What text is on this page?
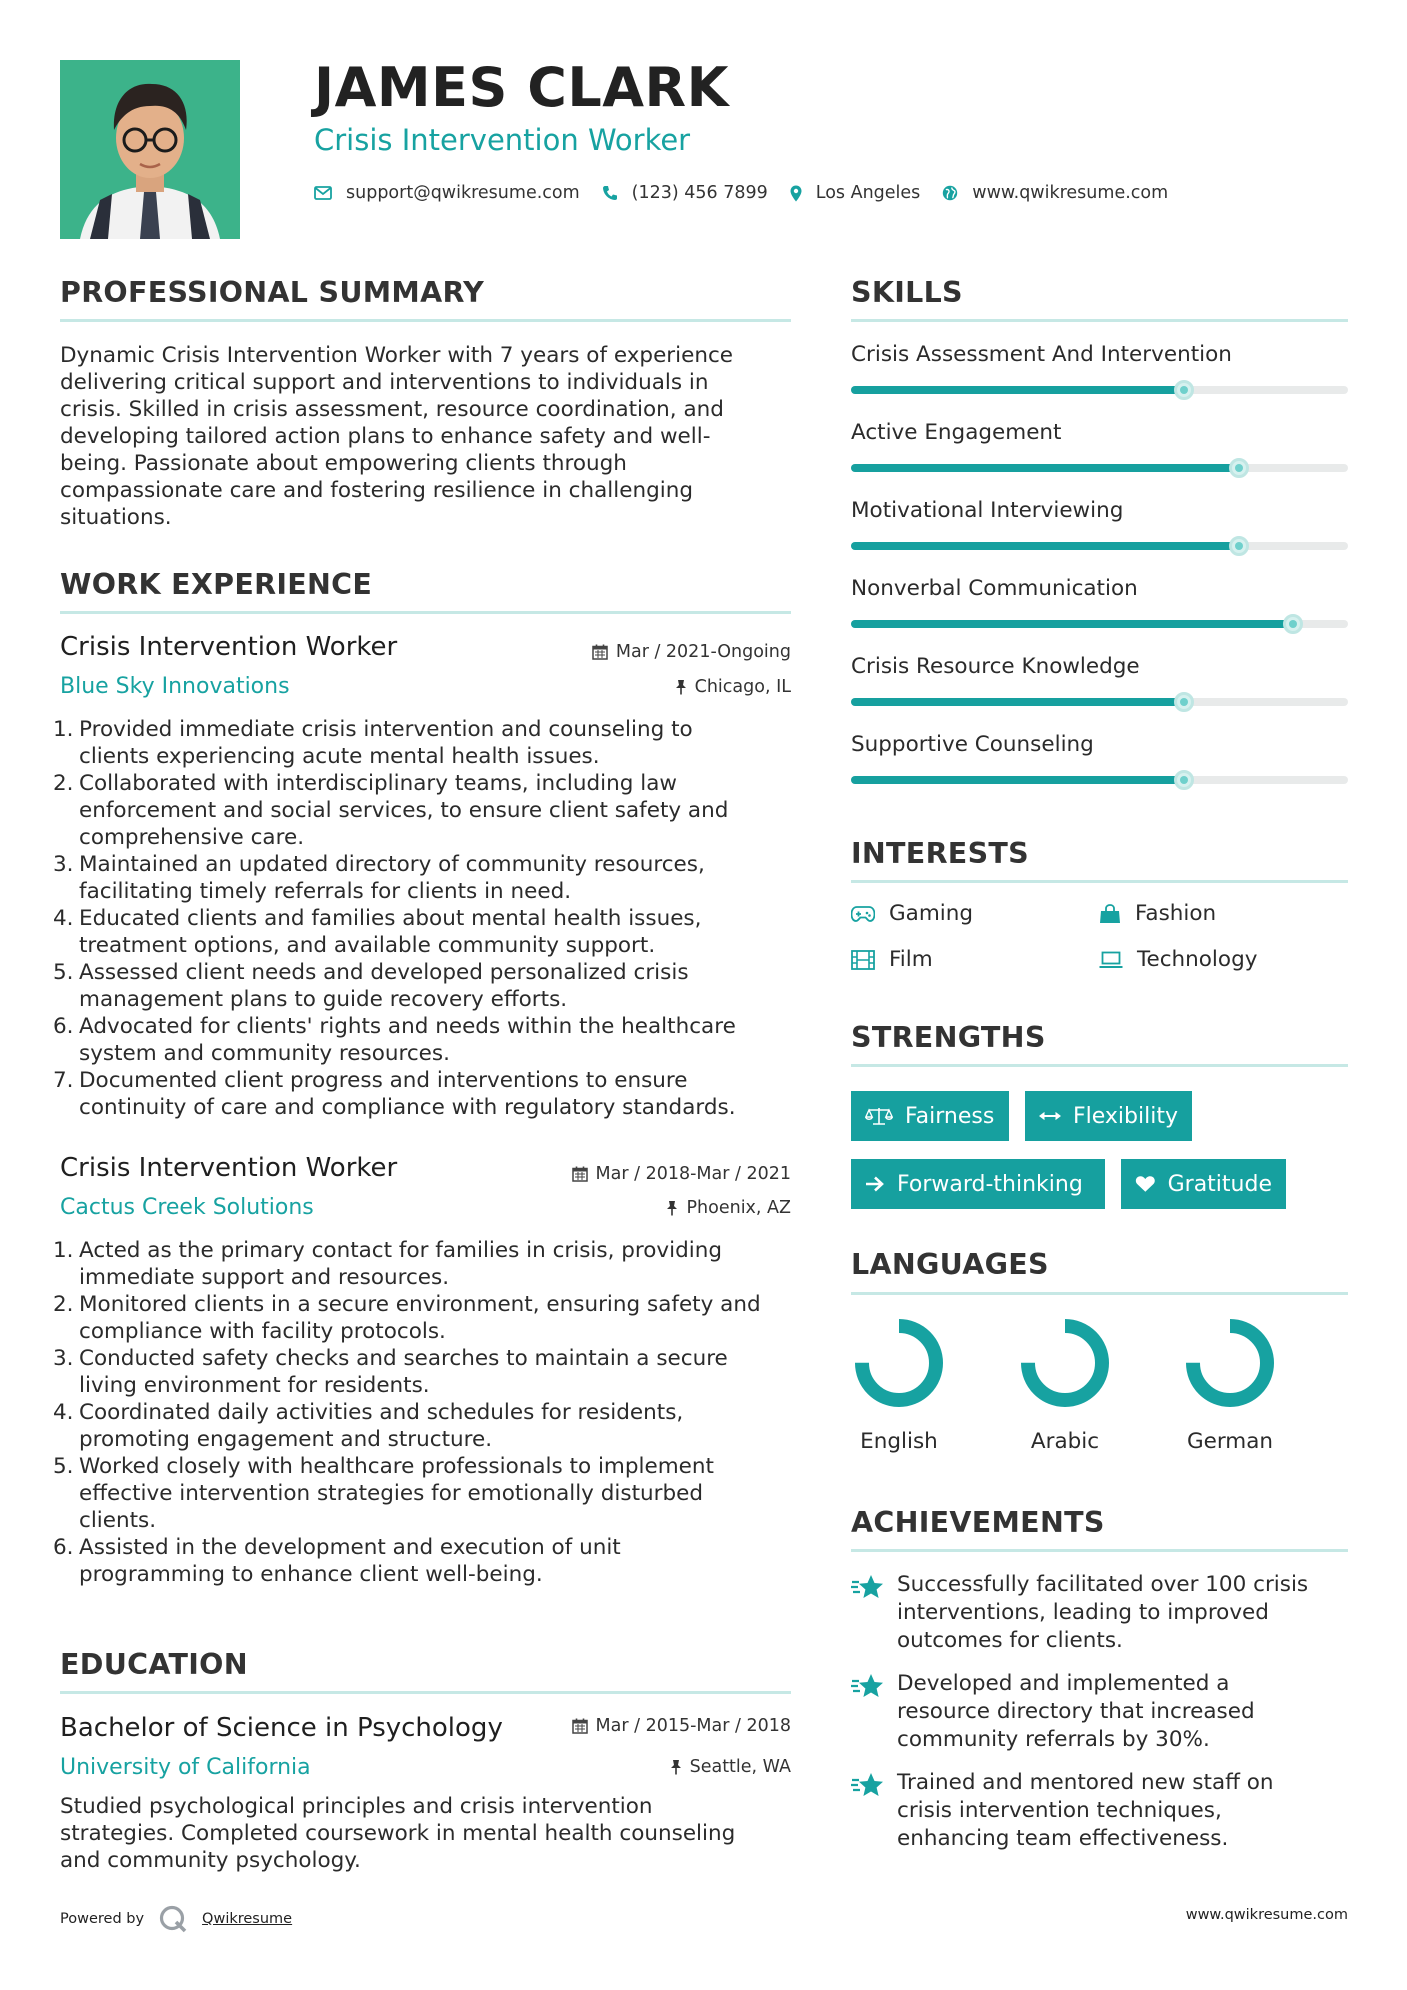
JAMES CLARK
Crisis Intervention Worker
support@qwikresume.com	(123) 456 7899	Los Angeles	www.qwikresume.com
PROFESSIONAL SUMMARY
Dynamic Crisis Intervention Worker with 7 years of experience
delivering critical support and interventions to individuals in
crisis. Skilled in crisis assessment, resource coordination, and
developing tailored action plans to enhance safety and well-
being. Passionate about empowering clients through
compassionate care and fostering resilience in challenging
situations.
WORK EXPERIENCE
Crisis Intervention Worker	Mar / 2021-Ongoing
Blue Sky Innovations	Chicago, IL
1. Provided immediate crisis intervention and counseling to
clients experiencing acute mental health issues.
2. Collaborated with interdisciplinary teams, including law
enforcement and social services, to ensure client safety and
comprehensive care.
3. Maintained an updated directory of community resources,
facilitating timely referrals for clients in need.
4. Educated clients and families about mental health issues,
treatment options, and available community support.
5. Assessed client needs and developed personalized crisis
management plans to guide recovery efforts.
6. Advocated for clients' rights and needs within the healthcare
system and community resources.
7. Documented client progress and interventions to ensure
continuity of care and compliance with regulatory standards.
Crisis Intervention Worker	Mar / 2018-Mar / 2021
Cactus Creek Solutions	Phoenix, AZ
1. Acted as the primary contact for families in crisis, providing
immediate support and resources.
2. Monitored clients in a secure environment, ensuring safety and
compliance with facility protocols.
3. Conducted safety checks and searches to maintain a secure
living environment for residents.
4. Coordinated daily activities and schedules for residents,
promoting engagement and structure.
5. Worked closely with healthcare professionals to implement
effective intervention strategies for emotionally disturbed
clients.
6. Assisted in the development and execution of unit
programming to enhance client well-being.
EDUCATION
Bachelor of Science in Psychology	Mar / 2015-Mar / 2018
University of California	Seattle, WA
Studied psychological principles and crisis intervention
strategies. Completed coursework in mental health counseling
and community psychology.
SKILLS
Crisis Assessment And Intervention
Active Engagement
Motivational Interviewing
Nonverbal Communication
Crisis Resource Knowledge
Supportive Counseling
INTERESTS
Gaming	Fashion
Film	Technology
STRENGTHS
Fairness	Flexibility
Forward-thinking	Gratitude
LANGUAGES
English	Arabic	German
ACHIEVEMENTS
Successfully facilitated over 100 crisis
interventions, leading to improved
outcomes for clients.
Developed and implemented a
resource directory that increased
community referrals by 30%.
Trained and mentored new staff on
crisis intervention techniques,
enhancing team effectiveness.
Powered by	Qwikresume	www.qwikresume.com
